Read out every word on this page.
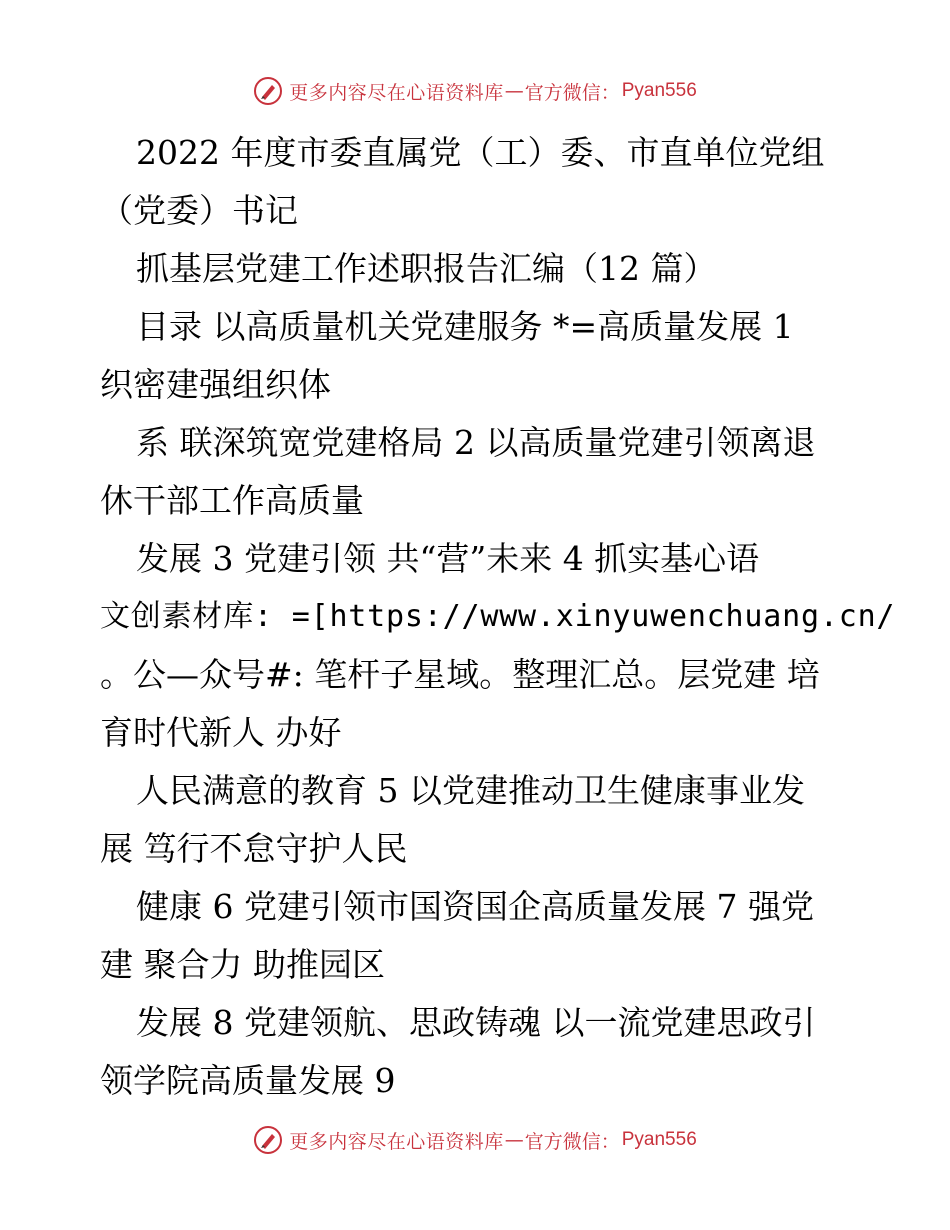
更多内容尽在心语资料库 — 官方微信： Pyan556
2022 年度市委直属党（工）委、市直单位党组
（党委）书记
抓基层党建工作述职报告汇编（12 篇）
目录 以高质量机关党建服务 *=高质量发展 1
织密建强组织体
系 联深筑宽党建格局 2 以高质量党建引领离退
休干部工作高质量
发展 3 党建引领 共“营”未来 4 抓实基心语
文创素材库: =[https://www.xinyuwenchuang.cn/
。公—众号#: 笔杆子星域。整理汇总。层党建 培
育时代新人 办好
人民满意的教育 5 以党建推动卫生健康事业发
展 笃行不怠守护人民
健康 6 党建引领市国资国企高质量发展 7 强党
建 聚合力 助推园区
发展 8 党建领航、思政铸魂 以一流党建思政引
领学院高质量发展 9
更多内容尽在心语资料库 — 官方微信： Pyan556
